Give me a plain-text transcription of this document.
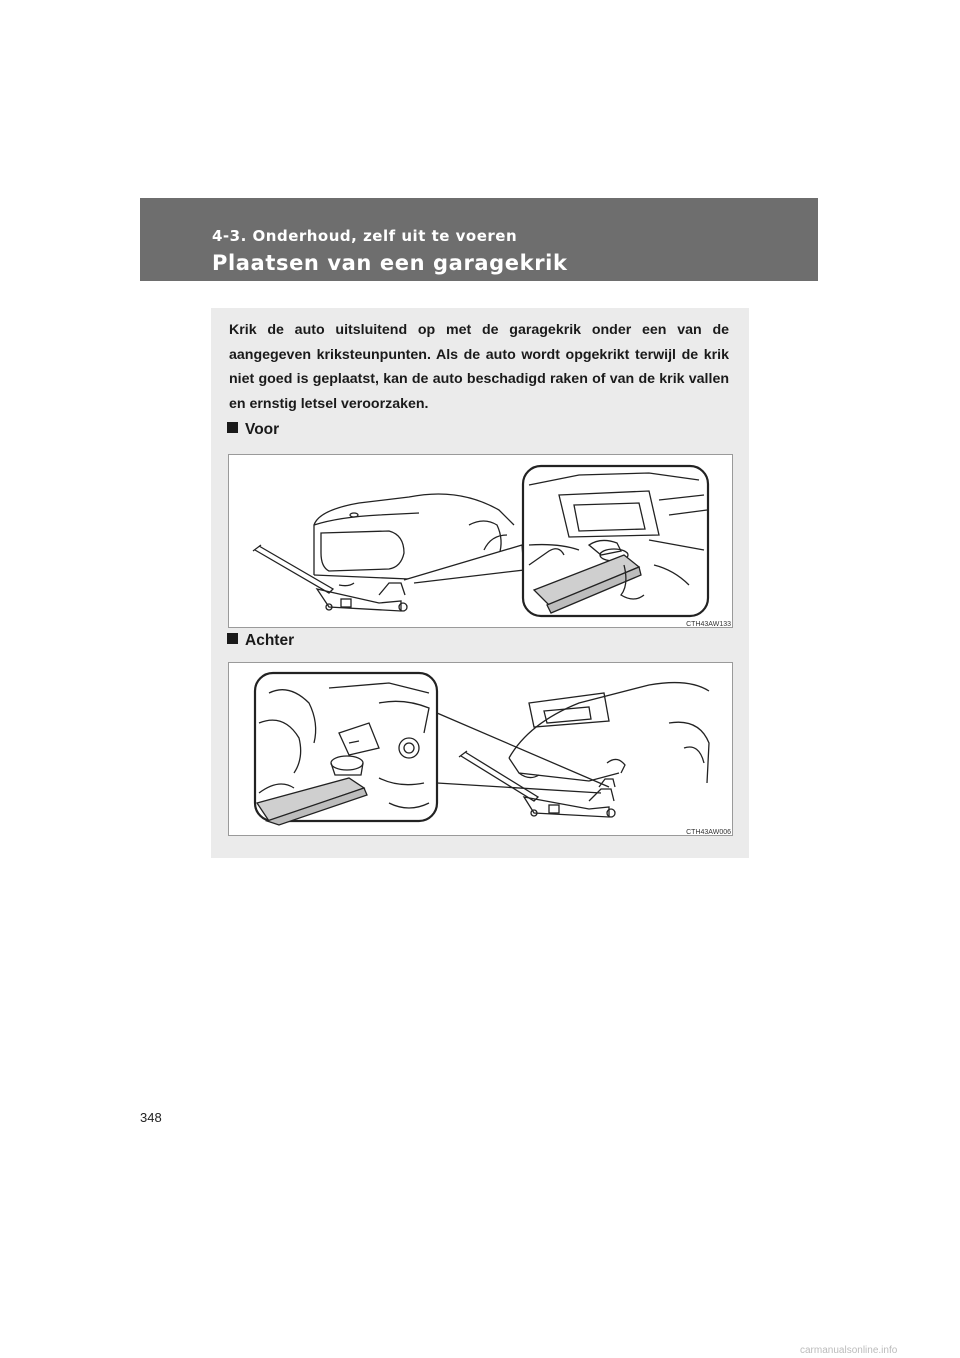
4-3. Onderhoud, zelf uit te voeren
Plaatsen van een garagekrik
Krik de auto uitsluitend op met de garagekrik onder een van de aangegeven kriksteunpunten. Als de auto wordt opgekrikt terwijl de krik niet goed is geplaatst, kan de auto beschadigd raken of van de krik vallen en ernstig letsel veroorzaken.
Voor
CTH43AW133
Achter
CTH43AW006
348
carmanualsonline.info
